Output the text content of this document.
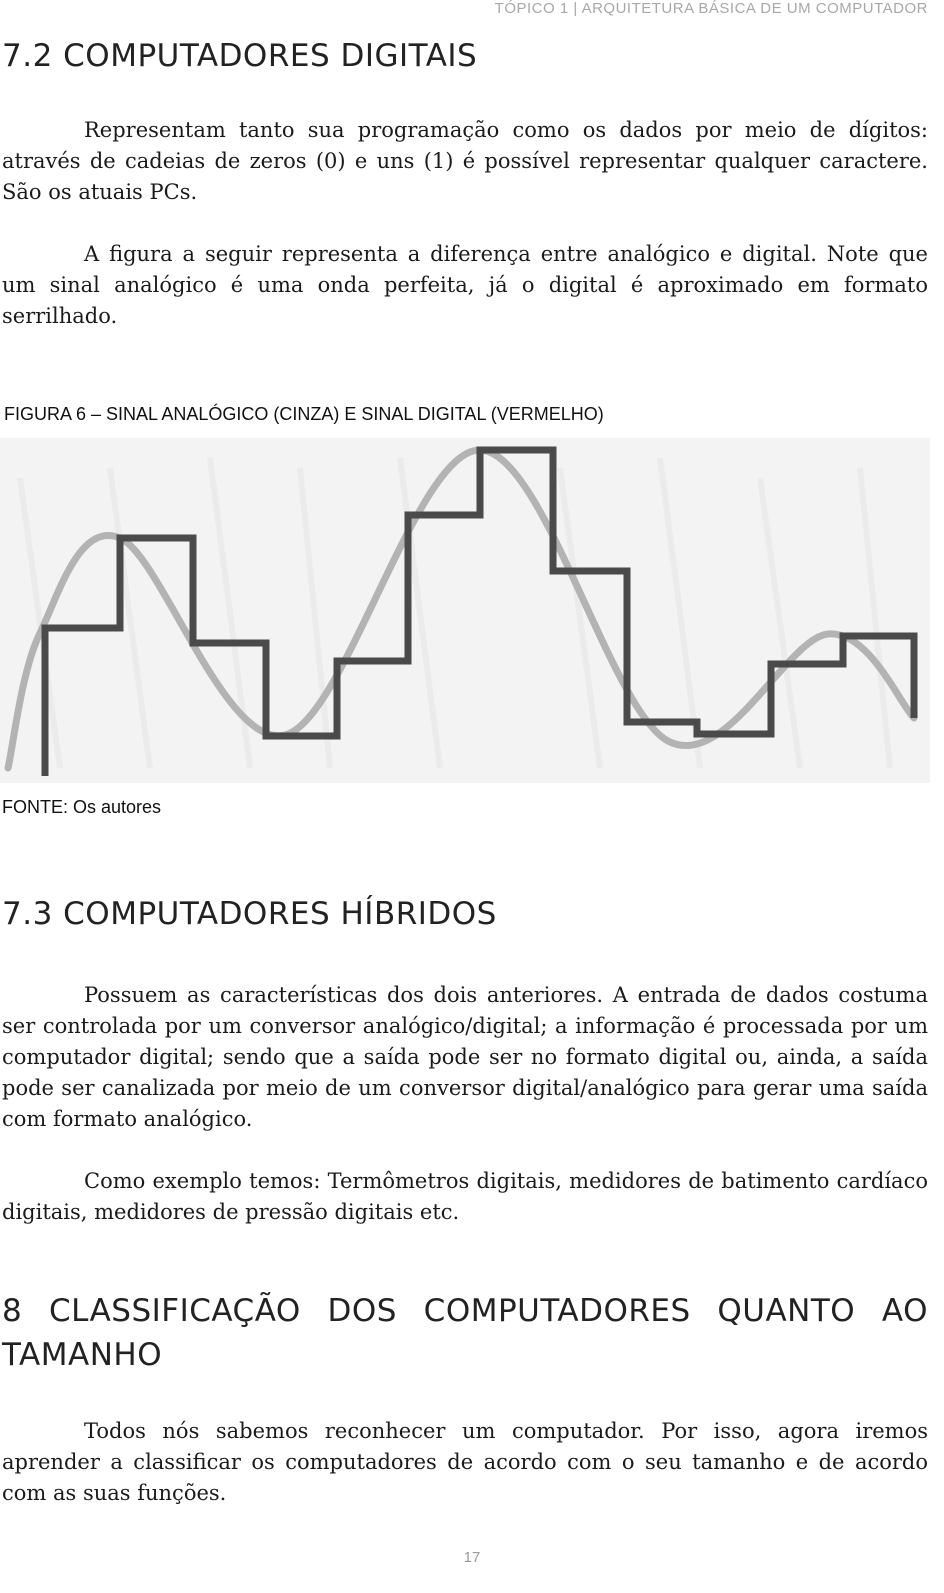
TÓPICO 1 | ARQUITETURA BÁSICA DE UM COMPUTADOR

7.2 COMPUTADORES DIGITAIS

Representam tanto sua programação como os dados por meio de dígitos: através de cadeias de zeros (0) e uns (1) é possível representar qualquer caractere. São os atuais PCs.

A figura a seguir representa a diferença entre analógico e digital. Note que um sinal analógico é uma onda perfeita, já o digital é aproximado em formato serrilhado.

FIGURA 6 – SINAL ANALÓGICO (CINZA) E SINAL DIGITAL (VERMELHO)

FONTE: Os autores

7.3 COMPUTADORES HÍBRIDOS

Possuem as características dos dois anteriores. A entrada de dados costuma ser controlada por um conversor analógico/digital; a informação é processada por um computador digital; sendo que a saída pode ser no formato digital ou, ainda, a saída pode ser canalizada por meio de um conversor digital/analógico para gerar uma saída com formato analógico.

Como exemplo temos: Termômetros digitais, medidores de batimento cardíaco digitais, medidores de pressão digitais etc.

8 CLASSIFICAÇÃO DOS COMPUTADORES QUANTO AO
TAMANHO

Todos nós sabemos reconhecer um computador. Por isso, agora iremos aprender a classificar os computadores de acordo com o seu tamanho e de acordo com as suas funções.

17
